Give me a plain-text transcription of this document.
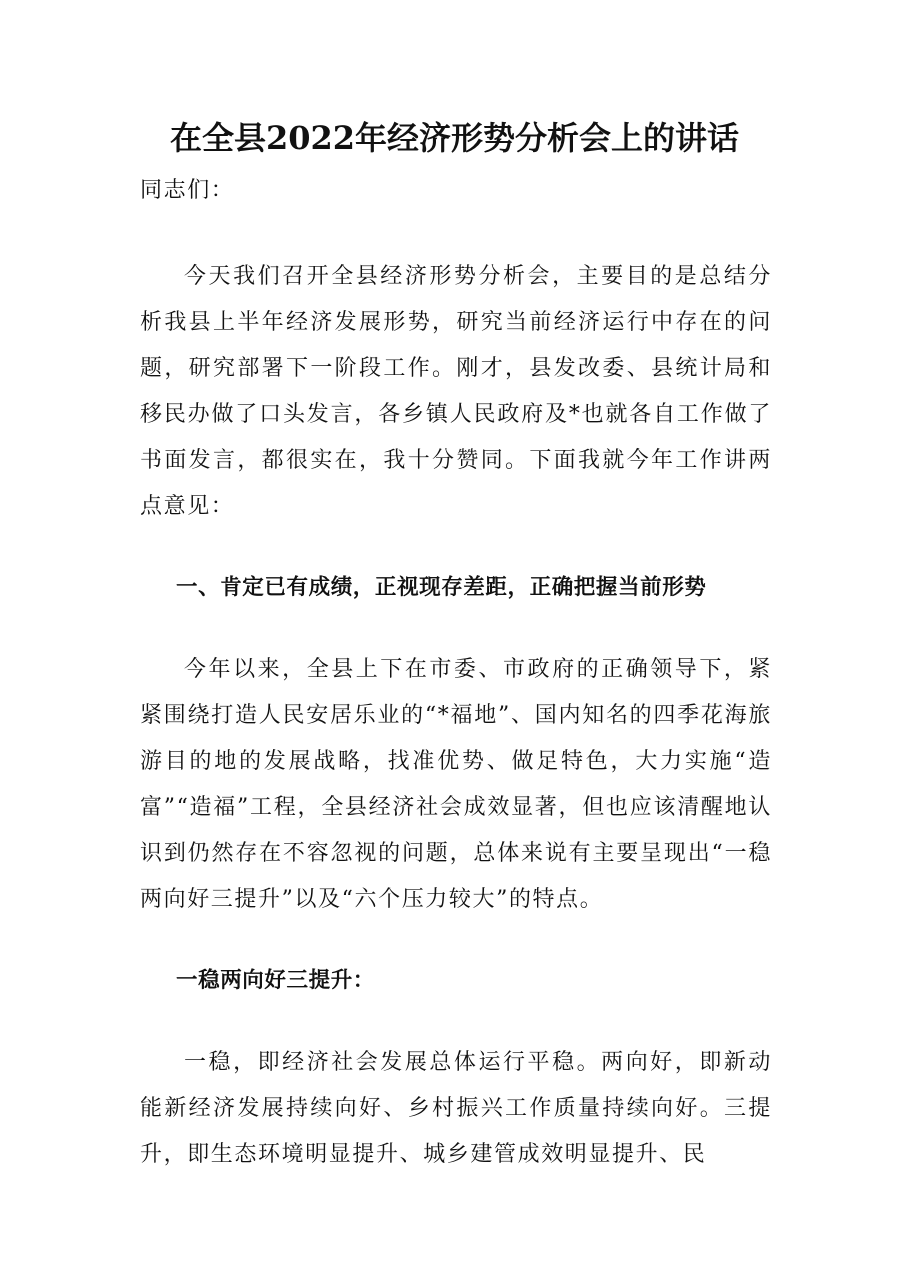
在全县2022年经济形势分析会上的讲话

同志们：

今天我们召开全县经济形势分析会，主要目的是总结分析我县上半年经济发展形势，研究当前经济运行中存在的问题，研究部署下一阶段工作。刚才，县发改委、县统计局和移民办做了口头发言，各乡镇人民政府及*也就各自工作做了书面发言，都很实在，我十分赞同。下面我就今年工作讲两点意见：

一、肯定已有成绩，正视现存差距，正确把握当前形势

今年以来，全县上下在市委、市政府的正确领导下，紧紧围绕打造人民安居乐业的“*福地”、国内知名的四季花海旅游目的地的发展战略，找准优势、做足特色，大力实施“造富”“造福”工程，全县经济社会成效显著，但也应该清醒地认识到仍然存在不容忽视的问题，总体来说有主要呈现出“一稳两向好三提升”以及“六个压力较大”的特点。

一稳两向好三提升：

一稳，即经济社会发展总体运行平稳。两向好，即新动能新经济发展持续向好、乡村振兴工作质量持续向好。三提升，即生态环境明显提升、城乡建管成效明显提升、民
